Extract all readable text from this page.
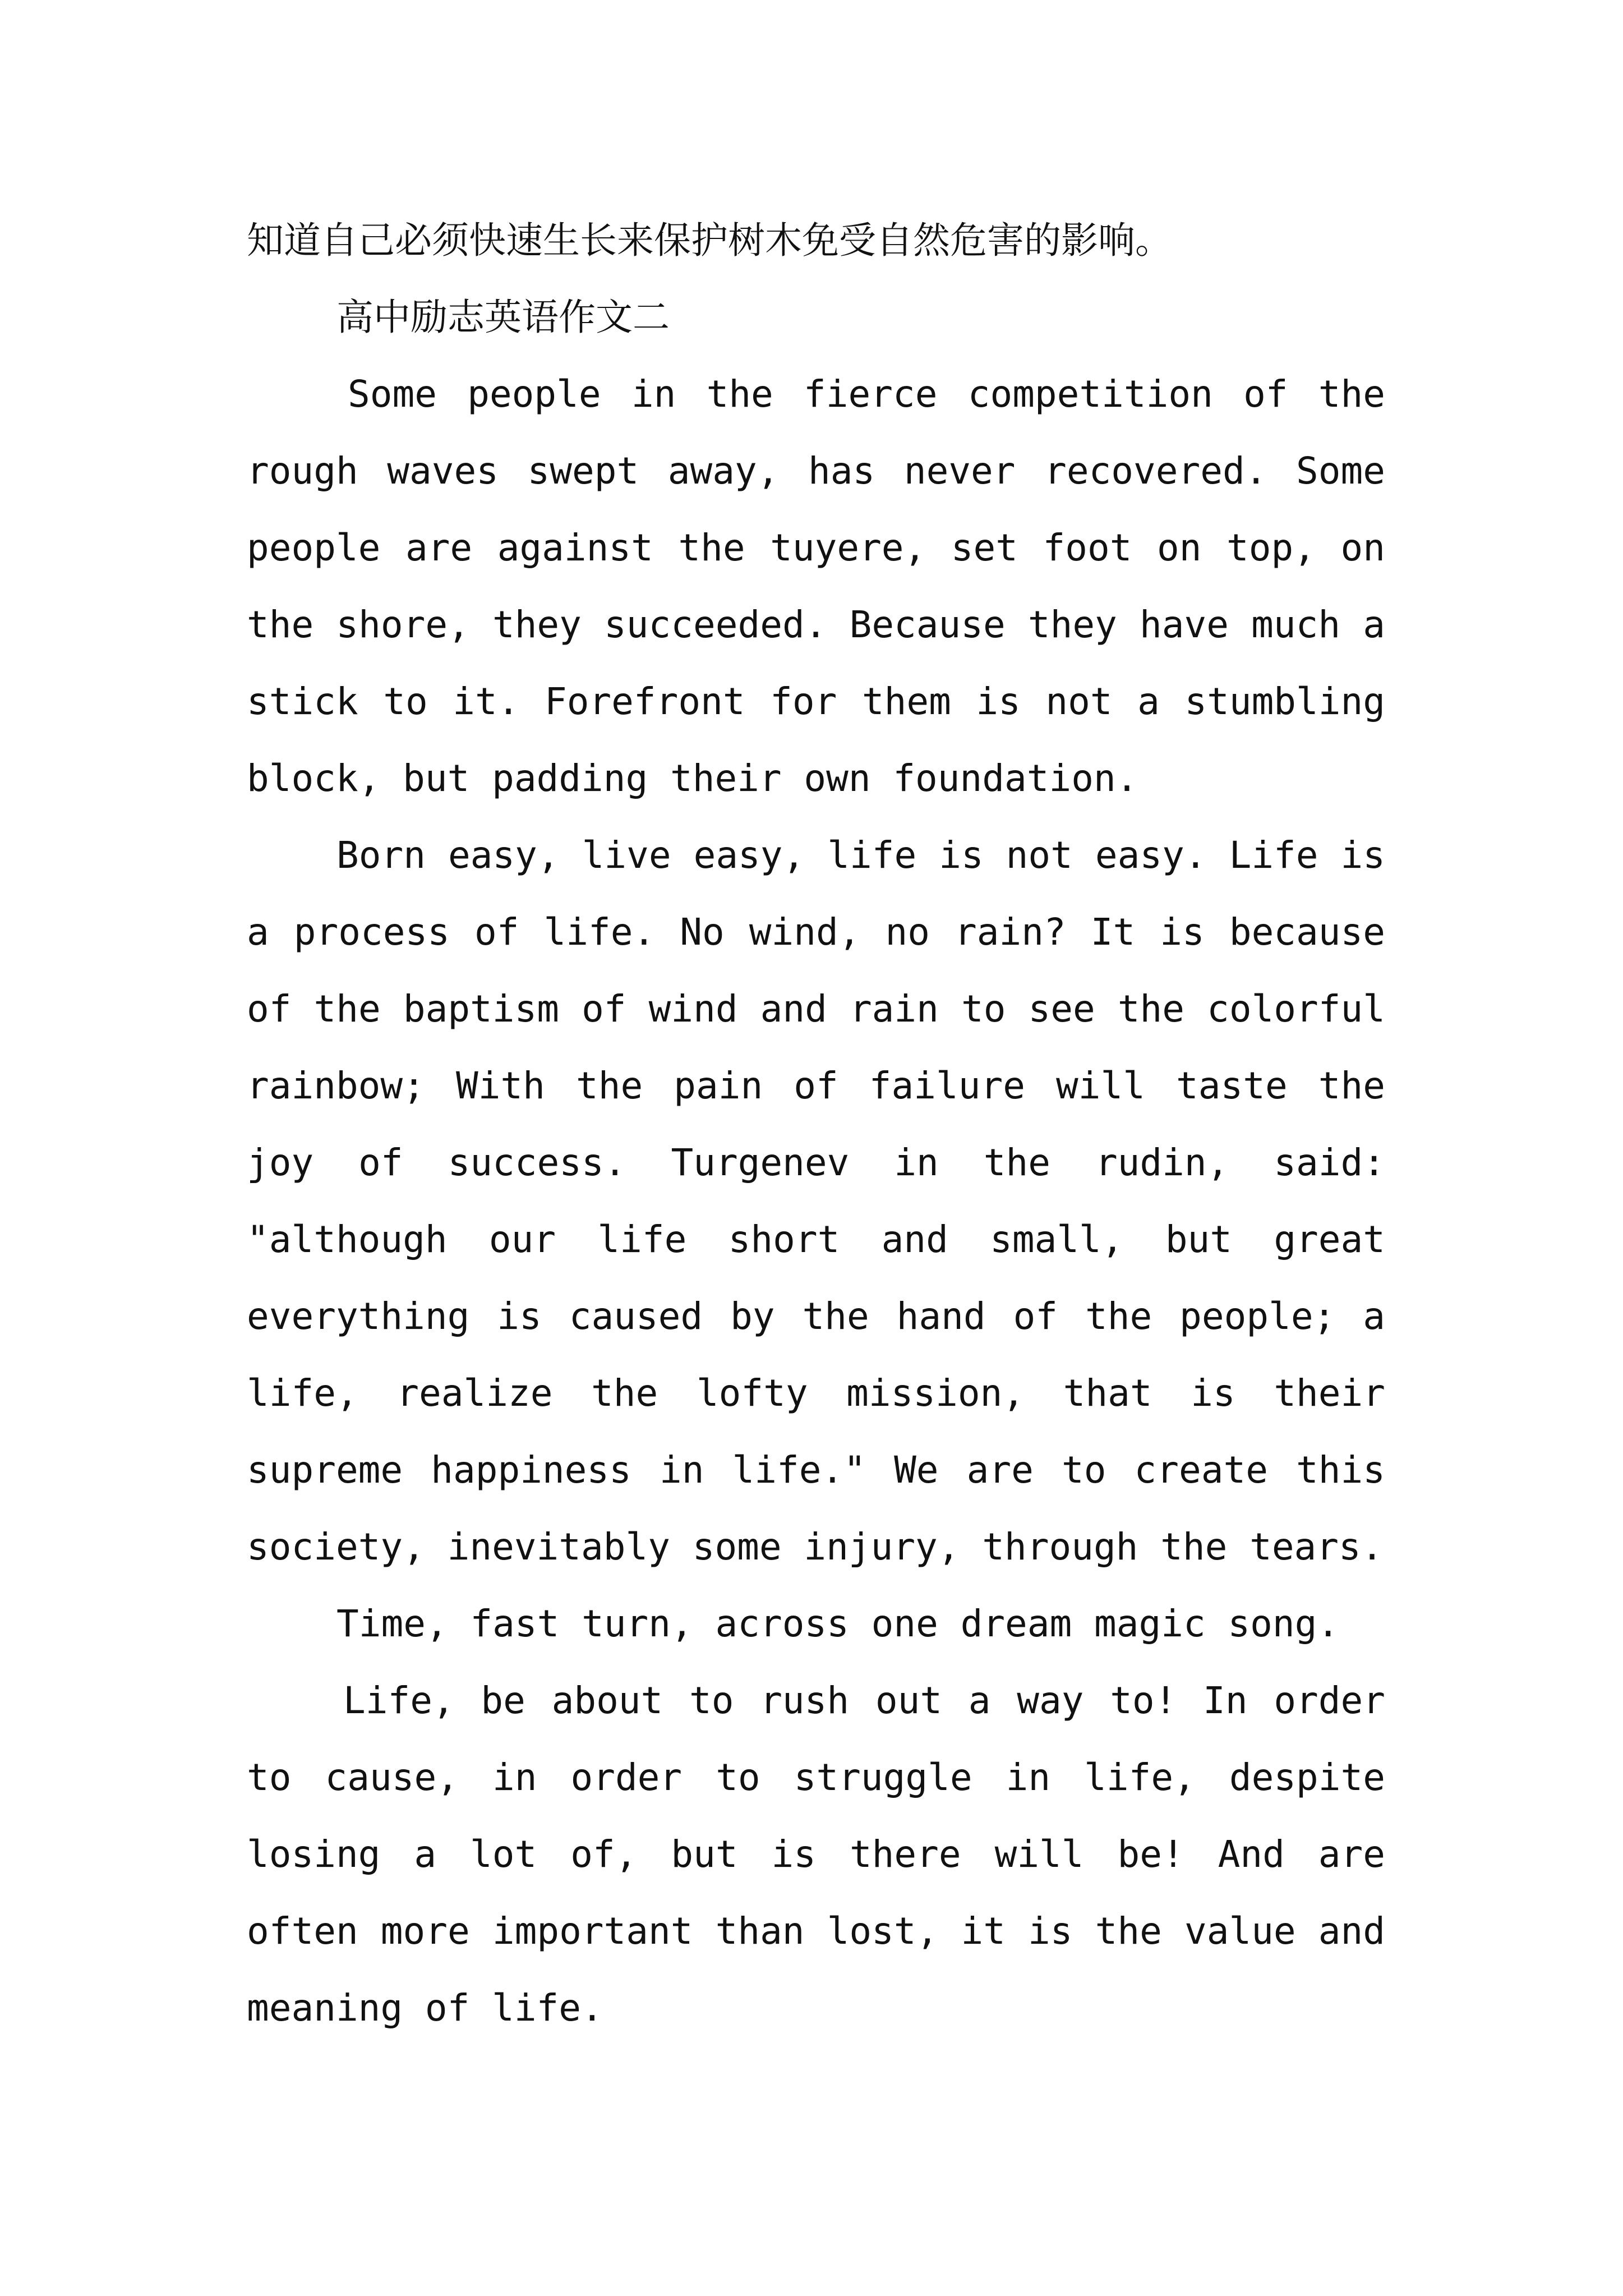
知道自己必须快速生长来保护树木免受自然危害的影响。

高中励志英语作文二

Some people in the fierce competition of the rough waves swept away, has never recovered. Some people are against the tuyere, set foot on top, on the shore, they succeeded. Because they have much a stick to it. Forefront for them is not a stumbling block, but padding their own foundation.

Born easy, live easy, life is not easy. Life is a process of life. No wind, no rain? It is because of the baptism of wind and rain to see the colorful rainbow; With the pain of failure will taste the joy of success. Turgenev in the rudin, said: "although our life short and small, but great everything is caused by the hand of the people; a life, realize the lofty mission, that is their supreme happiness in life." We are to create this society, inevitably some injury, through the tears.

Time, fast turn, across one dream magic song.

Life, be about to rush out a way to! In order to cause, in order to struggle in life, despite losing a lot of, but is there will be! And are often more important than lost, it is the value and meaning of life.
